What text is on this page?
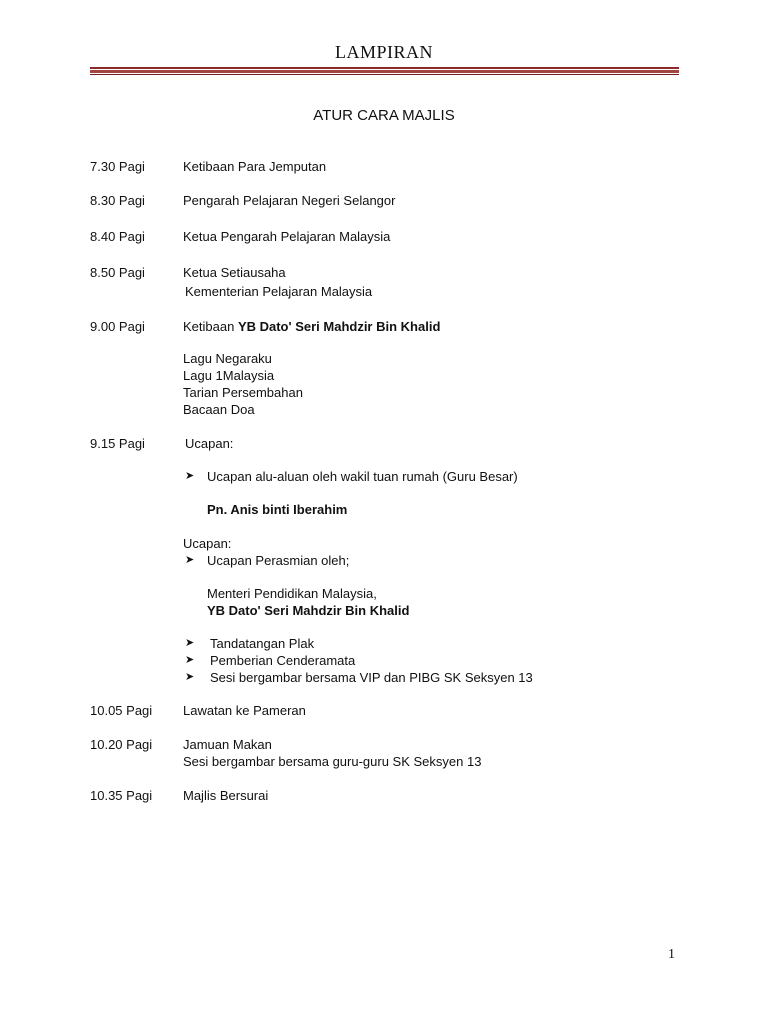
LAMPIRAN
ATUR CARA MAJLIS
7.30 Pagi	Ketibaan Para Jemputan
8.30 Pagi	Pengarah Pelajaran Negeri Selangor
8.40 Pagi	Ketua Pengarah Pelajaran Malaysia
8.50 Pagi	Ketua Setiausaha
Kementerian Pelajaran Malaysia
9.00 Pagi	Ketibaan YB Dato' Seri Mahdzir Bin Khalid
Lagu Negaraku
Lagu 1Malaysia
Tarian Persembahan
Bacaan Doa
9.15 Pagi	Ucapan:
➤ Ucapan alu-aluan oleh wakil tuan rumah (Guru Besar)
Pn. Anis binti Iberahim
Ucapan:
➤ Ucapan Perasmian oleh;
Menteri Pendidikan Malaysia,
YB Dato' Seri Mahdzir Bin Khalid
➤ Tandatangan Plak
➤ Pemberian Cenderamata
➤ Sesi bergambar bersama VIP dan PIBG SK Seksyen 13
10.05 Pagi Lawatan ke Pameran
10.20 Pagi Jamuan Makan
Sesi bergambar bersama guru-guru SK Seksyen 13
10.35 Pagi Majlis Bersurai
1
